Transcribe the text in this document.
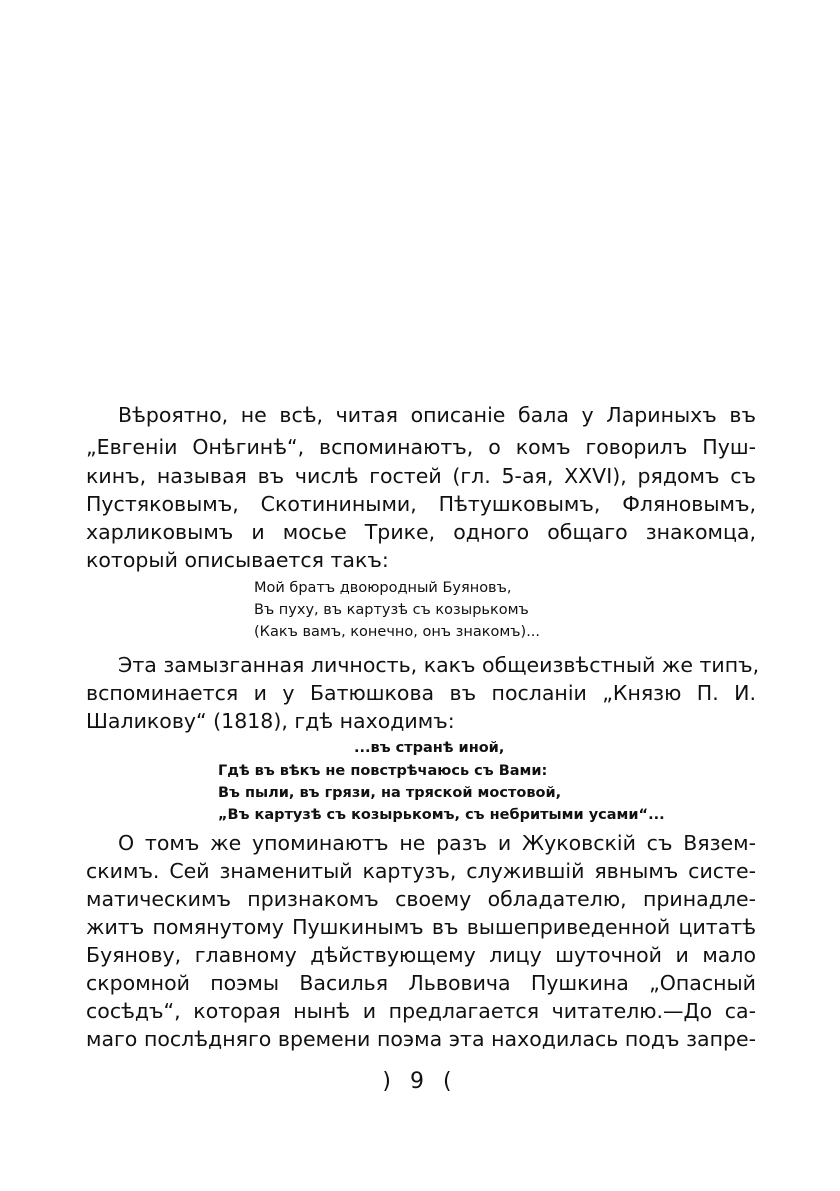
Вѣроятно, не всѣ, читая описаніе бала у Лариныхъ въ
„Евгеніи Онѣгинѣ“, вспоминаютъ, о комъ говорилъ Пуш-
кинъ, называя въ числѣ гостей (гл. 5-ая, XXVI), рядомъ съ
Пустяковымъ, Скотиниными, Пѣтушковымъ, Фляновымъ,
харликовымъ и мосье Трике, одного общаго знакомца,
который описывается такъ:
Мой братъ двоюродный Буяновъ,
Въ пуху, въ картузѣ съ козырькомъ
(Какъ вамъ, конечно, онъ знакомъ)...
Эта замызганная личность, какъ общеизвѣстный же типъ,
вспоминается и у Батюшкова въ посланіи „Князю П. И.
Шаликову“ (1818), гдѣ находимъ:
...въ странѣ иной,
Гдѣ въ вѣкъ не повстрѣчаюсь съ Вами:
Въ пыли, въ грязи, на тряской мостовой,
„Въ картузѣ съ козырькомъ, съ небритыми усами“...
О томъ же упоминаютъ не разъ и Жуковскій съ Вязем-
скимъ. Сей знаменитый картузъ, служившій явнымъ систе-
матическимъ признакомъ своему обладателю, принадле-
житъ помянутому Пушкинымъ въ вышеприведенной цитатѣ
Буянову, главному дѣйствующему лицу шуточной и мало
скромной поэмы Василья Львовича Пушкина „Опасный
сосѣдъ“, которая нынѣ и предлагается читателю.—До са-
маго послѣдняго времени поэма эта находилась подъ запре-
) 9 (
